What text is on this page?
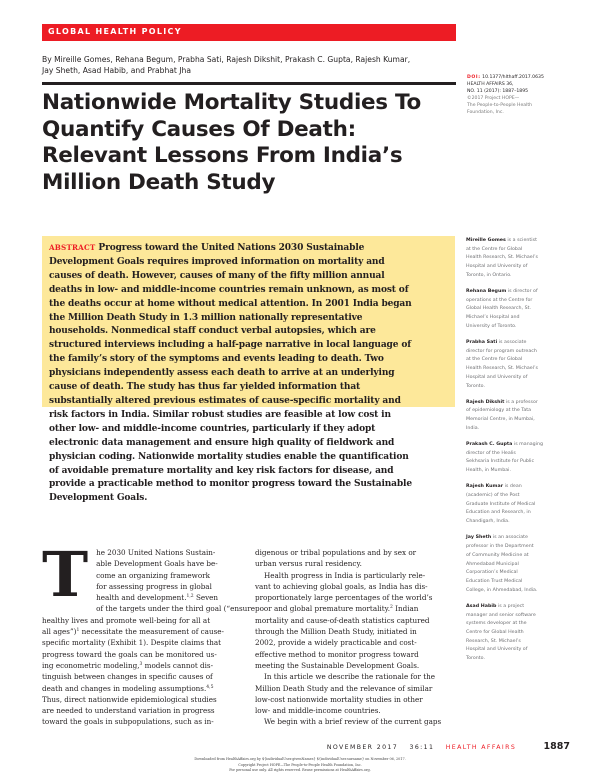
GLOBAL HEALTH POLICY
By Mireille Gomes, Rehana Begum, Prabha Sati, Rajesh Dikshit, Prakash C. Gupta, Rajesh Kumar,
Jay Sheth, Asad Habib, and Prabhat Jha
Nationwide Mortality Studies To
Quantify Causes Of Death:
Relevant Lessons From India’s
Million Death Study
DOI: 10.1377/hlthaff.2017.0635
HEALTH AFFAIRS 36,
NO. 11 (2017): 1887–1895
©2017 Project HOPE—
The People-to-People Health
Foundation, Inc.

ABSTRACT Progress toward the United Nations 2030 Sustainable
Development Goals requires improved information on mortality and
causes of death. However, causes of many of the fifty million annual
deaths in low- and middle-income countries remain unknown, as most of
the deaths occur at home without medical attention. In 2001 India began
the Million Death Study in 1.3 million nationally representative
households. Nonmedical staff conduct verbal autopsies, which are
structured interviews including a half-page narrative in local language of
the family’s story of the symptoms and events leading to death. Two
physicians independently assess each death to arrive at an underlying
cause of death. The study has thus far yielded information that
substantially altered previous estimates of cause-specific mortality and
risk factors in India. Similar robust studies are feasible at low cost in
other low- and middle-income countries, particularly if they adopt
electronic data management and ensure high quality of fieldwork and
physician coding. Nationwide mortality studies enable the quantification
of avoidable premature mortality and key risk factors for disease, and
provide a practicable method to monitor progress toward the Sustainable
Development Goals.

Mireille Gomes is a scientist
at the Centre for Global
Health Research, St. Michael’s
Hospital and University of
Toronto, in Ontario.
Rehana Begum is director of
operations at the Centre for
Global Health Research, St.
Michael’s Hospital and
University of Toronto.
Prabha Sati is associate
director for program outreach
at the Centre for Global
Health Research, St. Michael’s
Hospital and University of
Toronto.
Rajesh Dikshit is a professor
of epidemiology at the Tata
Memorial Centre, in Mumbai,
India.
Prakash C. Gupta is managing
director of the Healis
Sekhsaria Institute for Public
Health, in Mumbai.
Rajesh Kumar is dean
(academic) of the Post
Graduate Institute of Medical
Education and Research, in
Chandigarh, India.
Jay Sheth is an associate
professor in the Department
of Community Medicine at
Ahmedabad Municipal
Corporation’s Medical
Education Trust Medical
College, in Ahmedabad, India.
Asad Habib is a project
manager and senior software
systems developer at the
Centre for Global Health
Research, St. Michael’s
Hospital and University of
Toronto.
T	he 2030 United Nations Sustain-
able Development Goals have be-
come an organizing framework
for assessing progress in global
health and development.$^{1,2}$ Seven
of the targets under the third goal (“ensure
healthy lives and promote well-being for all at
all ages”)$^1$ necessitate the measurement of cause-
specific mortality (Exhibit 1). Despite claims that
progress toward the goals can be monitored us-
ing econometric modeling,$^3$ models cannot dis-
tinguish between changes in specific causes of
death and changes in modeling assumptions.$^{4,5}$
Thus, direct nationwide epidemiological studies
are needed to understand variation in progress
toward the goals in subpopulations, such as in-
digenous or tribal populations and by sex or
urban versus rural residency.
Health progress in India is particularly rele-
vant to achieving global goals, as India has dis-
proportionately large percentages of the world’s
poor and global premature mortality.$^2$ Indian
mortality and cause-of-death statistics captured
through the Million Death Study, initiated in
2002, provide a widely practicable and cost-
effective method to monitor progress toward
meeting the Sustainable Development Goals.
In this article we describe the rationale for the
Million Death Study and the relevance of similar
low-cost nationwide mortality studies in other
low- and middle-income countries.
We begin with a brief review of the current gaps
NOVEMBER 2017 36:11 HEALTH AFFAIRS	1887
Downloaded from HealthAffairs.org by ${individualUser.givenNames} ${individualUser.surname} on November 06, 2017.
Copyright Project HOPE—The People-to-People Health Foundation, Inc.
For personal use only. All rights reserved. Reuse permissions at HealthAffairs.org.
